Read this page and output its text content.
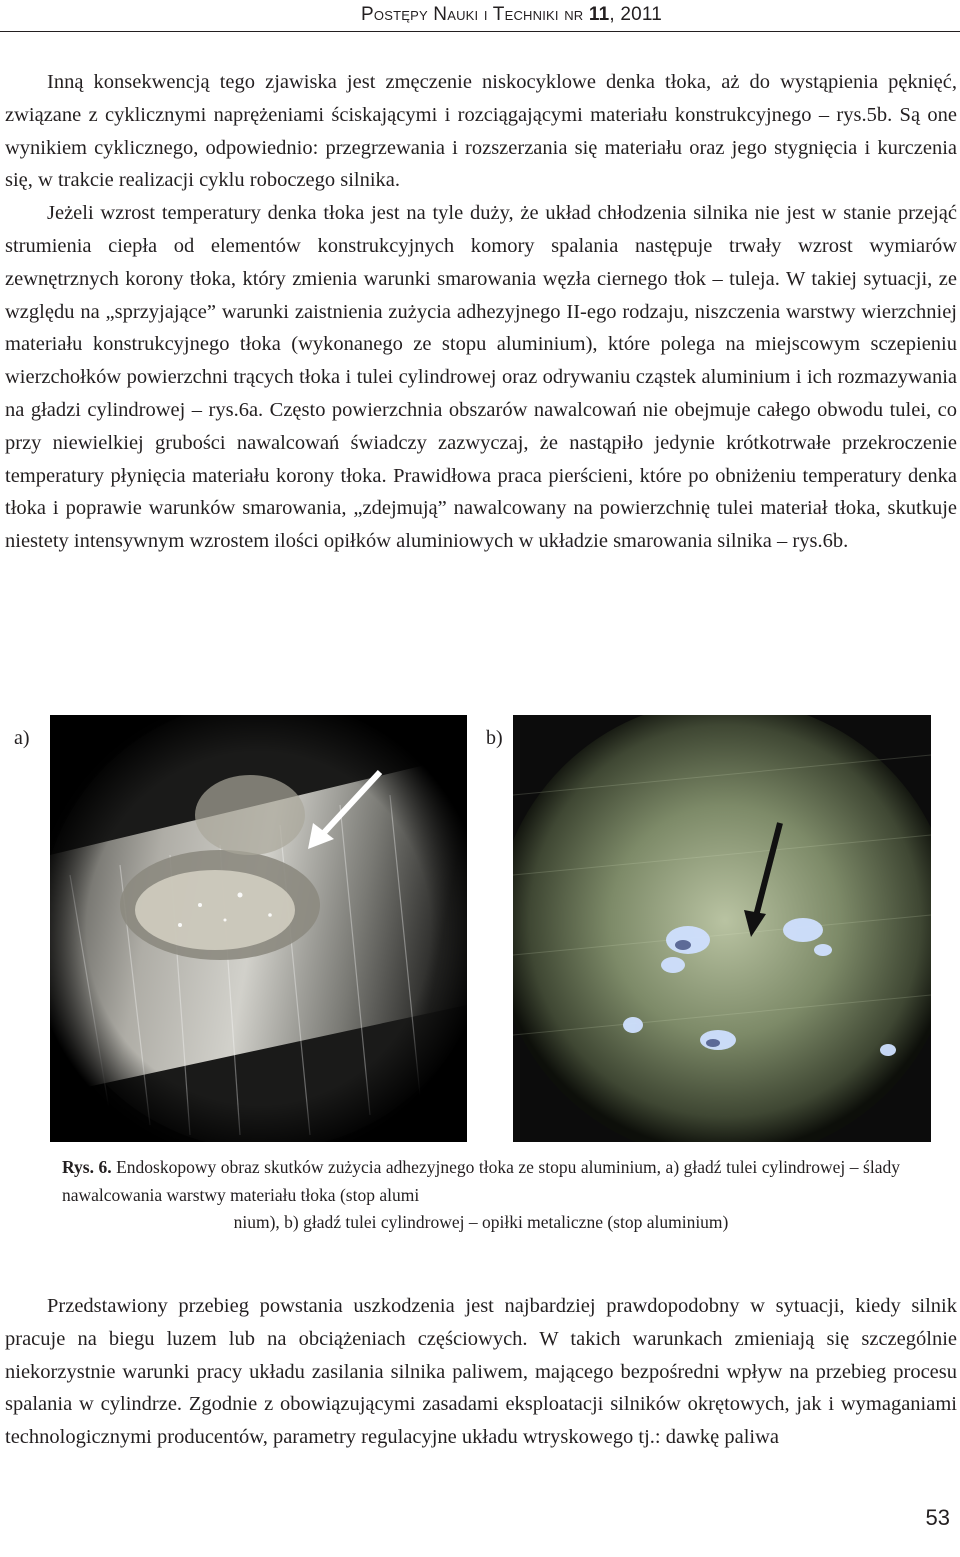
Postępy Nauki i Techniki nr 11, 2011

Inną konsekwencją tego zjawiska jest zmęczenie niskocyklowe denka tłoka, aż do wystąpienia pęknięć, związane z cyklicznymi naprężeniami ściskającymi i rozciągającymi materiału konstrukcyjnego – rys.5b. Są one wynikiem cyklicznego, odpowiednio: przegrzewania i rozszerzania się materiału oraz jego stygnięcia i kurczenia się, w trakcie realizacji cyklu roboczego silnika.

Jeżeli wzrost temperatury denka tłoka jest na tyle duży, że układ chłodzenia silnika nie jest w stanie przejąć strumienia ciepła od elementów konstrukcyjnych komory spalania następuje trwały wzrost wymiarów zewnętrznych korony tłoka, który zmienia warunki smarowania węzła ciernego tłok – tuleja. W takiej sytuacji, ze względu na „sprzyjające” warunki zaistnienia zużycia adhezyjnego II-ego rodzaju, niszczenia warstwy wierzchniej materiału konstrukcyjnego tłoka (wykonanego ze stopu aluminium), które polega na miejscowym sczepieniu wierzchołków powierzchni trących tłoka i tulei cylindrowej oraz odrywaniu cząstek aluminium i ich rozmazywania na gładzi cylindrowej – rys.6a. Często powierzchnia obszarów nawalcowań nie obejmuje całego obwodu tulei, co przy niewielkiej grubości nawalcowań świadczy zazwyczaj, że nastąpiło jedynie krótkotrwałe przekroczenie temperatury płynięcia materiału korony tłoka. Prawidłowa praca pierścieni, które po obniżeniu temperatury denka tłoka i poprawie warunków smarowania, „zdejmują” nawalcowany na powierzchnię tulei materiał tłoka, skutkuje niestety intensywnym wzrostem ilości opiłków aluminiowych w układzie smarowania silnika – rys.6b.

a)	b)
Rys. 6. Endoskopowy obraz skutków zużycia adhezyjnego tłoka ze stopu aluminium, a) gładź tulei cylindrowej – ślady nawalcowania warstwy materiału tłoka (stop alumi
nium), b) gładź tulei cylindrowej – opiłki metaliczne (stop aluminium)

Przedstawiony przebieg powstania uszkodzenia jest najbardziej prawdopodobny w sytuacji, kiedy silnik pracuje na biegu luzem lub na obciążeniach częściowych. W takich warunkach zmieniają się szczególnie niekorzystnie warunki pracy układu zasilania silnika paliwem, mającego bezpośredni wpływ na przebieg procesu spalania w cylindrze. Zgodnie z obowiązującymi zasadami eksploatacji silników okrętowych, jak i wymaganiami technologicznymi producentów, parametry regulacyjne układu wtryskowego tj.: dawkę paliwa

53
